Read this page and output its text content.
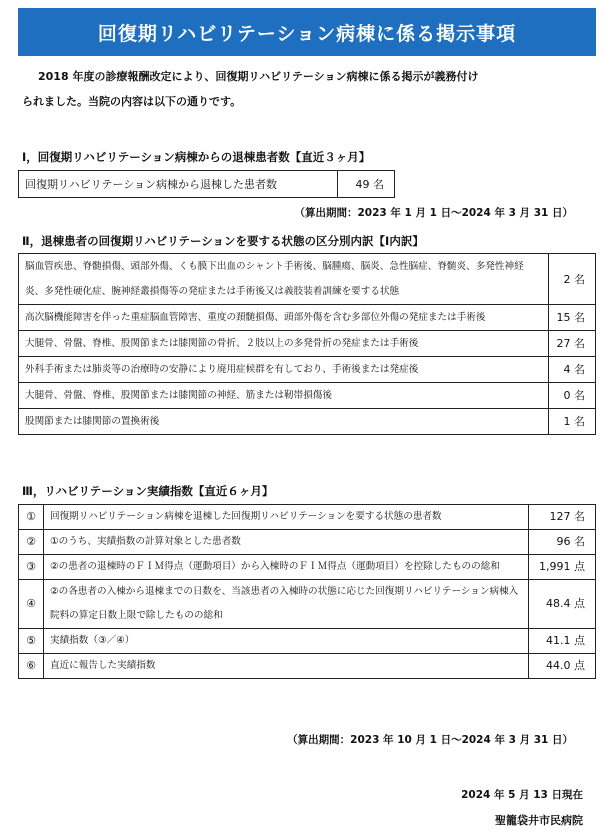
回復期リハビリテーション病棟に係る掲示事項
2018 年度の診療報酬改定により、回復期リハビリテーション病棟に係る掲示が義務付け
られました。当院の内容は以下の通りです。
Ⅰ，回復期リハビリテーション病棟からの退棟患者数【直近３ヶ月】
回復期リハビリテーション病棟から退棟した患者数	49 名
（算出期間：2023 年 1 月 1 日～2024 年 3 月 31 日）
Ⅱ，退棟患者の回復期リハビリテーションを要する状態の区分別内訳【Ⅰ内訳】
脳血管疾患、脊髄損傷、頭部外傷、くも膜下出血のシャント手術後、脳腫瘍、脳炎、急性脳症、脊髄炎、多発性神経炎、多発性硬化症、腕神経叢損傷等の発症または手術後又は義肢装着訓練を要する状態	2 名
高次脳機能障害を伴った重症脳血管障害、重度の頚髄損傷、頭部外傷を含む多部位外傷の発症または手術後	15 名
大腿骨、骨盤、脊椎、股関節または膝関節の骨折、２肢以上の多発骨折の発症または手術後	27 名
外科手術または肺炎等の治療時の安静により廃用症候群を有しており、手術後または発症後	4 名
大腿骨、骨盤、脊椎、股関節または膝関節の神経、筋または靭帯損傷後	0 名
股関節または膝関節の置換術後	1 名
Ⅲ，リハビリテーション実績指数【直近６ヶ月】
①	回復期リハビリテーション病棟を退棟した回復期リハビリテーションを要する状態の患者数	127 名
②	①のうち、実績指数の計算対象とした患者数	96 名
③	②の患者の退棟時のＦＩＭ得点（運動項目）から入棟時のＦＩＭ得点（運動項目）を控除したものの総和	1,991 点
④	②の各患者の入棟から退棟までの日数を、当該患者の入棟時の状態に応じた回復期リハビリテーション病棟入院料の算定日数上限で除したものの総和	48.4 点
⑤	実績指数（③／④）	41.1 点
⑥	直近に報告した実績指数	44.0 点
（算出期間：2023 年 10 月 1 日～2024 年 3 月 31 日）
2024 年 5 月 13 日現在
聖籠袋井市民病院
